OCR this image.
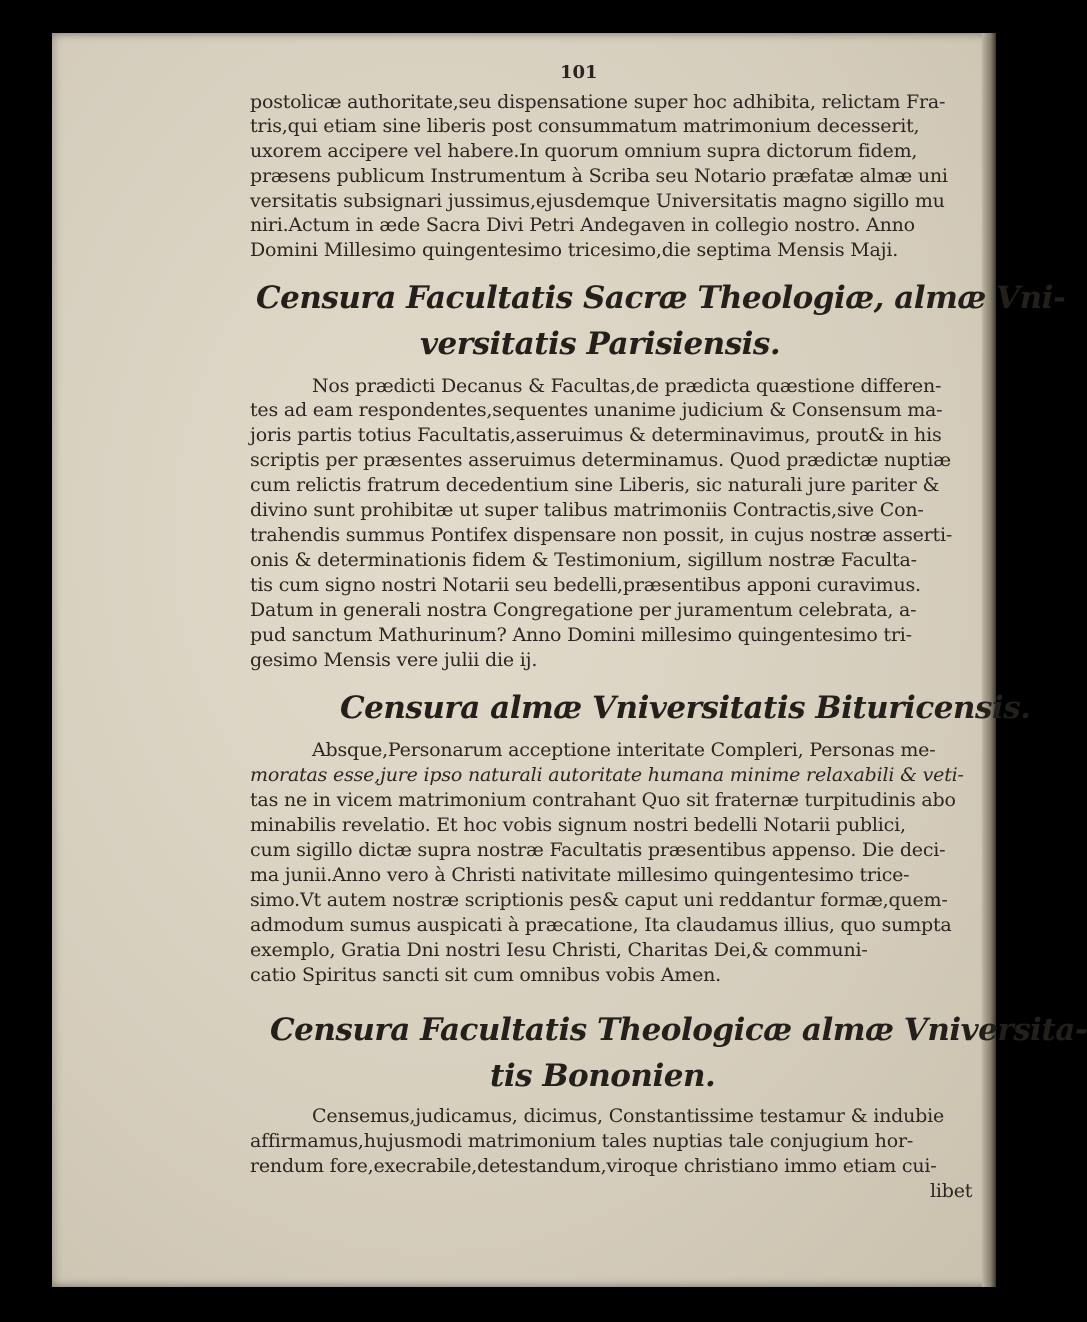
101
postolicæ authoritate,seu dispensatione super hoc adhibita, relictam Fra-
tris,qui etiam sine liberis post consummatum matrimonium decesserit,
uxorem accipere vel habere.In quorum omnium supra dictorum fidem,
præsens publicum Instrumentum à Scriba seu Notario præfatæ almæ uni
versitatis subsignari jussimus,ejusdemque Universitatis magno sigillo mu
niri.Actum in æde Sacra Divi Petri Andegaven in collegio nostro. Anno
Domini Millesimo quingentesimo tricesimo,die septima Mensis Maji.
Censura Facultatis Sacræ Theologiæ, almæ Vni-
versitatis Parisiensis.
Nos prædicti Decanus & Facultas,de prædicta quæstione differen-
tes ad eam respondentes,sequentes unanime judicium & Consensum ma-
joris partis totius Facultatis,asseruimus & determinavimus, prout& in his
scriptis per præsentes asseruimus determinamus. Quod prædictæ nuptiæ
cum relictis fratrum decedentium sine Liberis, sic naturali jure pariter &
divino sunt prohibitæ ut super talibus matrimoniis Contractis,sive Con-
trahendis summus Pontifex dispensare non possit, in cujus nostræ asserti-
onis & determinationis fidem & Testimonium, sigillum nostræ Faculta-
tis cum signo nostri Notarii seu bedelli,præsentibus apponi curavimus.
Datum in generali nostra Congregatione per juramentum celebrata, a-
pud sanctum Mathurinum? Anno Domini millesimo quingentesimo tri-
gesimo Mensis vere julii die ij.
Censura almæ Vniversitatis Bituricensis.
Absque,Personarum acceptione interitate Compleri, Personas me-
moratas esse,jure ipso naturali autoritate humana minime relaxabili & veti-
tas ne in vicem matrimonium contrahant Quo sit fraternæ turpitudinis abo
minabilis revelatio. Et hoc vobis signum nostri bedelli Notarii publici,
cum sigillo dictæ supra nostræ Facultatis præsentibus appenso. Die deci-
ma junii.Anno vero à Christi nativitate millesimo quingentesimo trice-
simo.Vt autem nostræ scriptionis pes& caput uni reddantur formæ,quem-
admodum sumus auspicati à præcatione, Ita claudamus illius, quo sumpta
exemplo, Gratia Dni nostri Iesu Christi, Charitas Dei,& communi-
catio Spiritus sancti sit cum omnibus vobis Amen.
Censura Facultatis Theologicæ almæ Vniversita-
tis Bononien.
Censemus,judicamus, dicimus, Constantissime testamur & indubie
affirmamus,hujusmodi matrimonium tales nuptias tale conjugium hor-
rendum fore,execrabile,detestandum,viroque christiano immo etiam cui-
libet
